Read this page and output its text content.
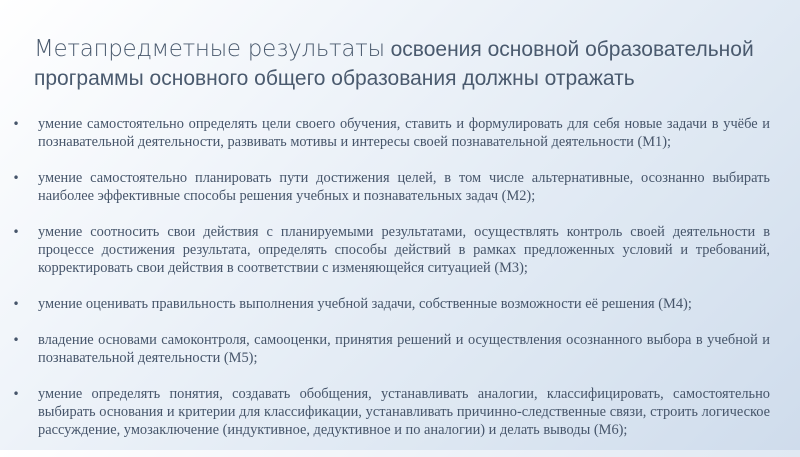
Метапредметные результаты освоения основной образовательной
программы основного общего образования должны отражать
• умение самостоятельно определять цели своего обучения, ставить и формулировать для себя новые задачи в учёбе и познавательной деятельности, развивать мотивы и интересы своей познавательной деятельности (М1);
• умение самостоятельно планировать пути достижения целей, в том числе альтернативные, осознанно выбирать наиболее эффективные способы решения учебных и познавательных задач (М2);
• умение соотносить свои действия с планируемыми результатами, осуществлять контроль своей деятельности в процессе достижения результата, определять способы действий в рамках предложенных условий и требований, корректировать свои действия в соответствии с изменяющейся ситуацией (М3);
• умение оценивать правильность выполнения учебной задачи, собственные возможности её решения (М4);
• владение основами самоконтроля, самооценки, принятия решений и осуществления осознанного выбора в учебной и познавательной деятельности (М5);
• умение определять понятия, создавать обобщения, устанавливать аналогии, классифицировать, самостоятельно выбирать основания и критерии для классификации, устанавливать причинно-следственные связи, строить логическое рассуждение, умозаключение (индуктивное, дедуктивное и по аналогии) и делать выводы (М6);
